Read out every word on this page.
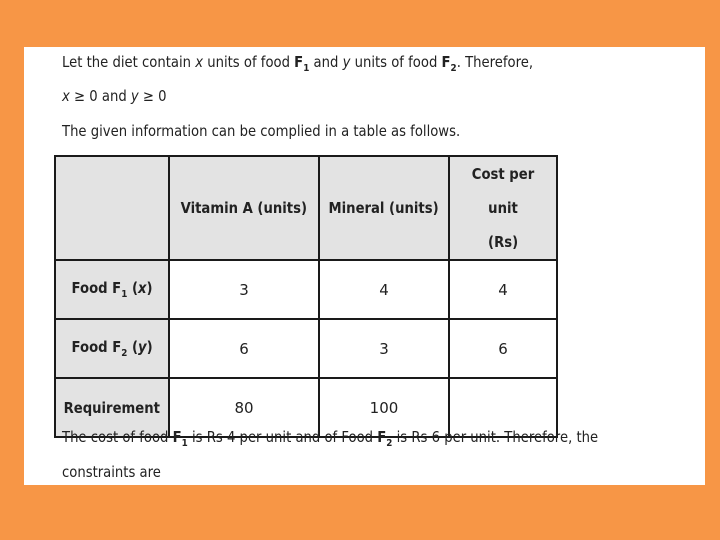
Let the diet contain x units of food $F_1$ and y units of food $F_2$. Therefore,
x ≥ 0 and y ≥ 0
The given information can be complied in a table as follows.
	Vitamin A (units)	Mineral (units)	Cost per unit
(Rs)

Food $F_1$ (x)	3	4	4
Food $F_2$ (y)	6	3	6
Requirement	80	100	
The cost of food $F_1$ is Rs 4 per unit and of Food $F_2$ is Rs 6 per unit. Therefore, the
constraints are
